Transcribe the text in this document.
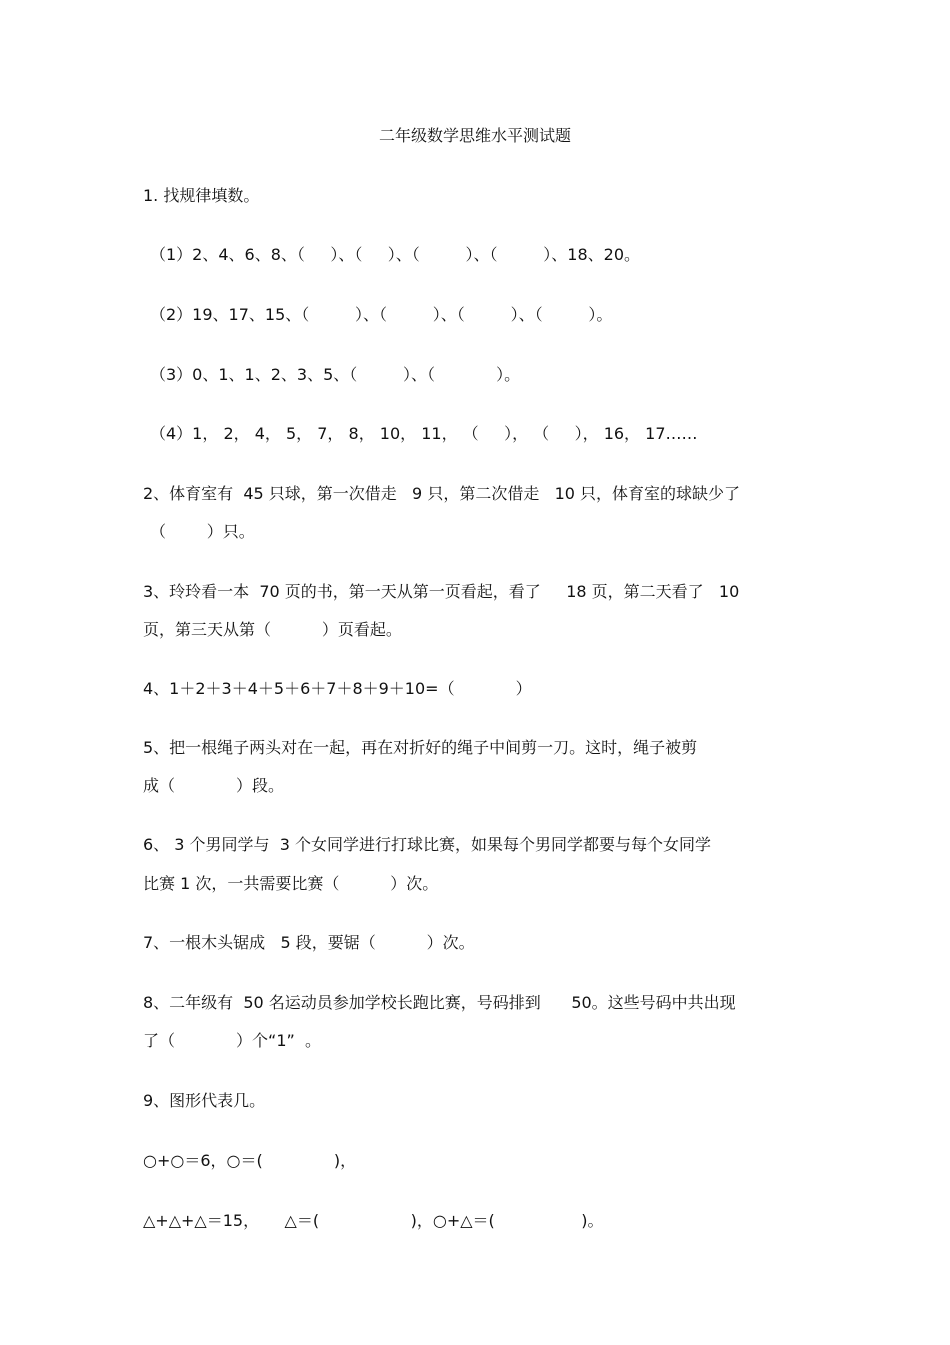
二年级数学思维水平测试题
1. 找规律填数。
（1）2、4、6、8、（     ）、（     ）、（         ）、（         ）、18、20。
（2）19、17、15、（         ）、（         ）、（         ）、（         ）。
（3）0、1、1、2、3、5、（         ）、（            ）。
（4）1， 2， 4， 5， 7， 8， 10， 11， （     ）， （     ）， 16， 17……
2、体育室有  45 只球，第一次借走   9 只，第二次借走   10 只，体育室的球缺少了
（        ）只。
3、玲玲看一本  70 页的书，第一天从第一页看起，看了     18 页，第二天看了   10
页，第三天从第（          ）页看起。
4、1＋2＋3＋4＋5＋6＋7＋8＋9＋10=（            ）
5、把一根绳子两头对在一起，再在对折好的绳子中间剪一刀。这时，绳子被剪
成（            ）段。
6、 3 个男同学与  3 个女同学进行打球比赛，如果每个男同学都要与每个女同学
比赛 1 次，一共需要比赛（          ）次。
7、一根木头锯成   5 段，要锯（          ）次。
8、二年级有  50 名运动员参加学校长跑比赛，号码排到      50。这些号码中共出现
了（            ）个“1”  。
9、图形代表几。
○+○＝6，○＝(              )，
△+△+△＝15，     △＝(                  )，○+△＝(                 )。
